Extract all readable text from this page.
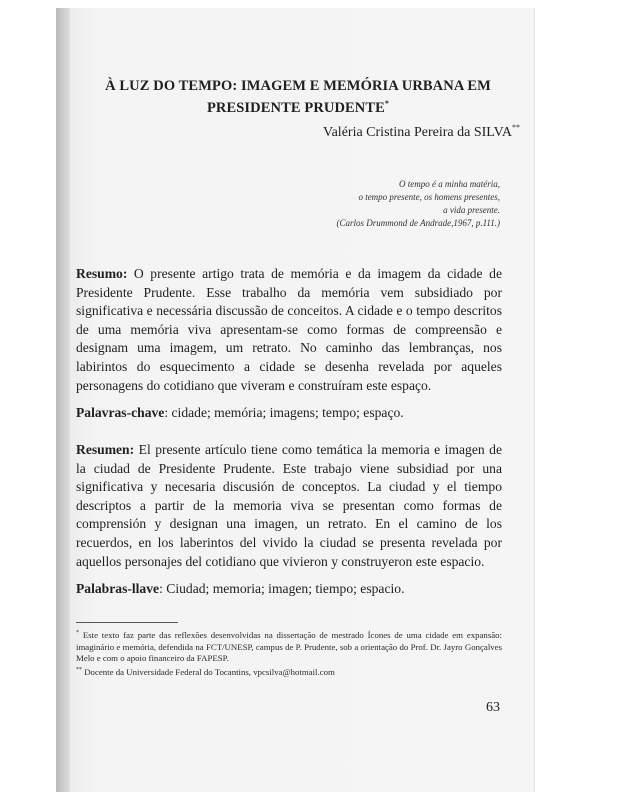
À LUZ DO TEMPO: IMAGEM E MEMÓRIA URBANA EM
PRESIDENTE PRUDENTE*
Valéria Cristina Pereira da SILVA**
O tempo é a minha matéria,
o tempo presente, os homens presentes,
a vida presente.
(Carlos Drummond de Andrade,1967, p.111.)
Resumo: O presente artigo trata de memória e da imagem da cidade de Presidente Prudente. Esse trabalho da memória vem subsidiado por significativa e necessária discussão de conceitos. A cidade e o tempo descritos de uma memória viva apresentam-se como formas de compreensão e designam uma imagem, um retrato. No caminho das lembranças, nos labirintos do esquecimento a cidade se desenha revelada por aqueles personagens do cotidiano que viveram e construíram este espaço.
Palavras-chave: cidade; memória; imagens; tempo; espaço.
Resumen: El presente artículo tiene como temática la memoria e imagen de la ciudad de Presidente Prudente. Este trabajo viene subsidiad por una significativa y necesaria discusión de conceptos. La ciudad y el tiempo descriptos a partir de la memoria viva se presentan como formas de comprensión y designan una imagen, un retrato. En el camino de los recuerdos, en los laberintos del vivido la ciudad se presenta revelada por aquellos personajes del cotidiano que vivieron y construyeron este espacio.
Palabras-llave: Ciudad; memoria; imagen; tiempo; espacio.
* Este texto faz parte das reflexões desenvolvidas na dissertação de mestrado Ícones de uma cidade em expansão: imaginário e memória, defendida na FCT/UNESP, campus de P. Prudente, sob a orientação do Prof. Dr. Jayro Gonçalves Melo e com o apoio financeiro da FAPESP.
** Docente da Universidade Federal do Tocantins, vpcsilva@hotmail.com
63
